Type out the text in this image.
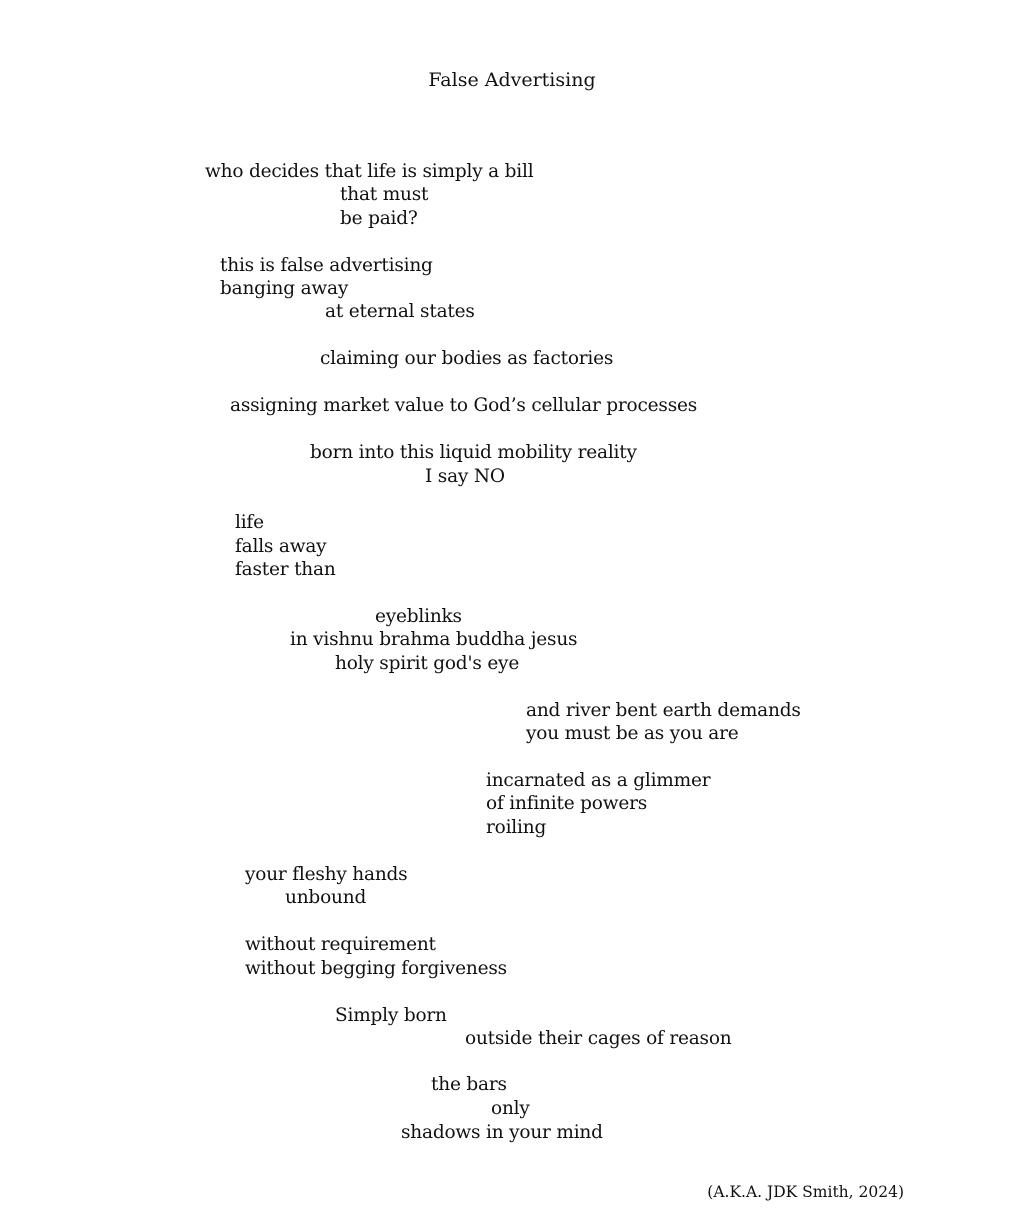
False Advertising
who decides that life is simply a bill
that must
be paid?
this is false advertising
banging away
at eternal states
claiming our bodies as factories
assigning market value to God’s cellular processes
born into this liquid mobility reality
I say NO
life
falls away
faster than
eyeblinks
in vishnu brahma buddha jesus
holy spirit god's eye
and river bent earth demands
you must be as you are
incarnated as a glimmer
of infinite powers
roiling
your fleshy hands
unbound
without requirement
without begging forgiveness
Simply born
outside their cages of reason
the bars
only
shadows in your mind
(A.K.A. JDK Smith, 2024)
